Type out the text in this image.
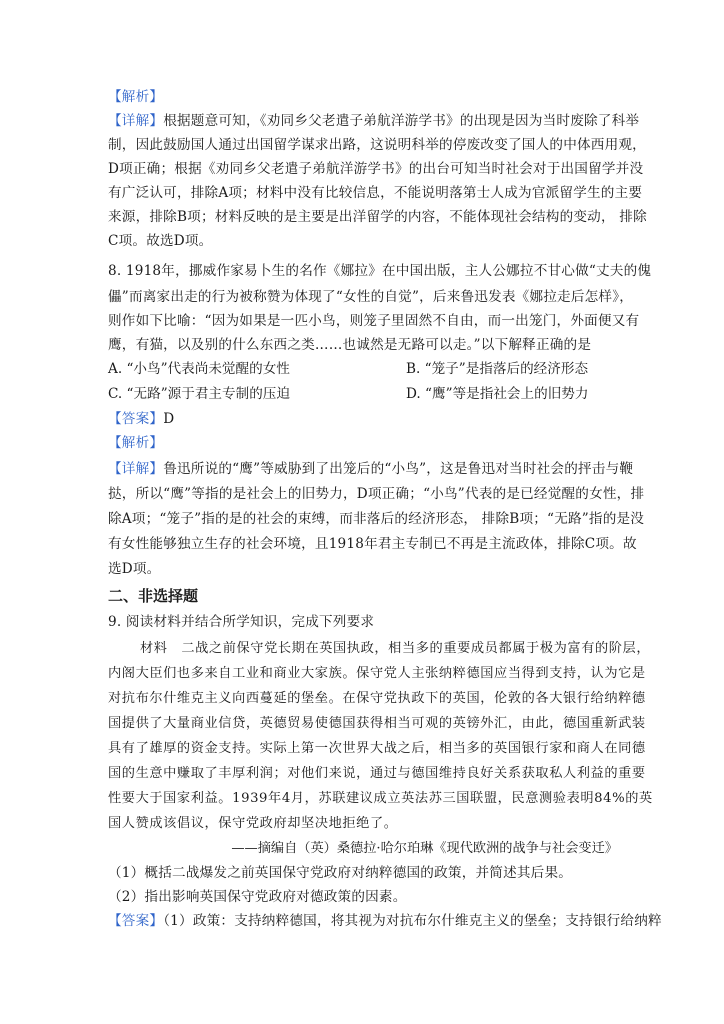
【解析】
【详解】根据题意可知，《劝同乡父老遣子弟航洋游学书》的出现是因为当时废除了科举
制，因此鼓励国人通过出国留学谋求出路，这说明科举的停废改变了国人的中体西用观，
D项正确；根据《劝同乡父老遣子弟航洋游学书》的出台可知当时社会对于出国留学并没
有广泛认可，排除A项；材料中没有比较信息，不能说明落第士人成为官派留学生的主要
来源，排除B项；材料反映的是主要是出洋留学的内容，不能体现社会结构的变动， 排除
C项。故选D项。
8. 1918年，挪威作家易卜生的名作《娜拉》在中国出版，主人公娜拉不甘心做“丈夫的傀
儡”而离家出走的行为被称赞为体现了“女性的自觉”，后来鲁迅发表《娜拉走后怎样》，
则作如下比喻：“因为如果是一匹小鸟，则笼子里固然不自由，而一出笼门，外面便又有
鹰，有猫，以及别的什么东西之类……也诚然是无路可以走。”以下解释正确的是
A. “小鸟”代表尚未觉醒的女性	B. “笼子”是指落后的经济形态
C. “无路”源于君主专制的压迫	D. “鹰”等是指社会上的旧势力
【答案】D
【解析】
【详解】鲁迅所说的“鹰”等威胁到了出笼后的“小鸟”，这是鲁迅对当时社会的抨击与鞭
挞，所以“鹰”等指的是社会上的旧势力，D项正确；“小鸟”代表的是已经觉醒的女性，排
除A项；“笼子”指的是的社会的束缚，而非落后的经济形态， 排除B项；“无路”指的是没
有女性能够独立生存的社会环境，且1918年君主专制已不再是主流政体，排除C项。故
选D项。
二、非选择题
9. 阅读材料并结合所学知识，完成下列要求
材料　二战之前保守党长期在英国执政，相当多的重要成员都属于极为富有的阶层，
内阁大臣们也多来自工业和商业大家族。保守党人主张纳粹德国应当得到支持，认为它是
对抗布尔什维克主义向西蔓延的堡垒。在保守党执政下的英国，伦敦的各大银行给纳粹德
国提供了大量商业信贷，英德贸易使德国获得相当可观的英镑外汇，由此，德国重新武装
具有了雄厚的资金支持。实际上第一次世界大战之后，相当多的英国银行家和商人在同德
国的生意中赚取了丰厚利润；对他们来说，通过与德国维持良好关系获取私人利益的重要
性要大于国家利益。1939年4月，苏联建议成立英法苏三国联盟，民意测验表明84%的英
国人赞成该倡议，保守党政府却坚决地拒绝了。
——摘编自（英）桑德拉·哈尔珀琳《现代欧洲的战争与社会变迁》
（1）概括二战爆发之前英国保守党政府对纳粹德国的政策，并简述其后果。
（2）指出影响英国保守党政府对德政策的因素。
【答案】（1）政策：支持纳粹德国，将其视为对抗布尔什维克主义的堡垒；支持银行给纳粹
